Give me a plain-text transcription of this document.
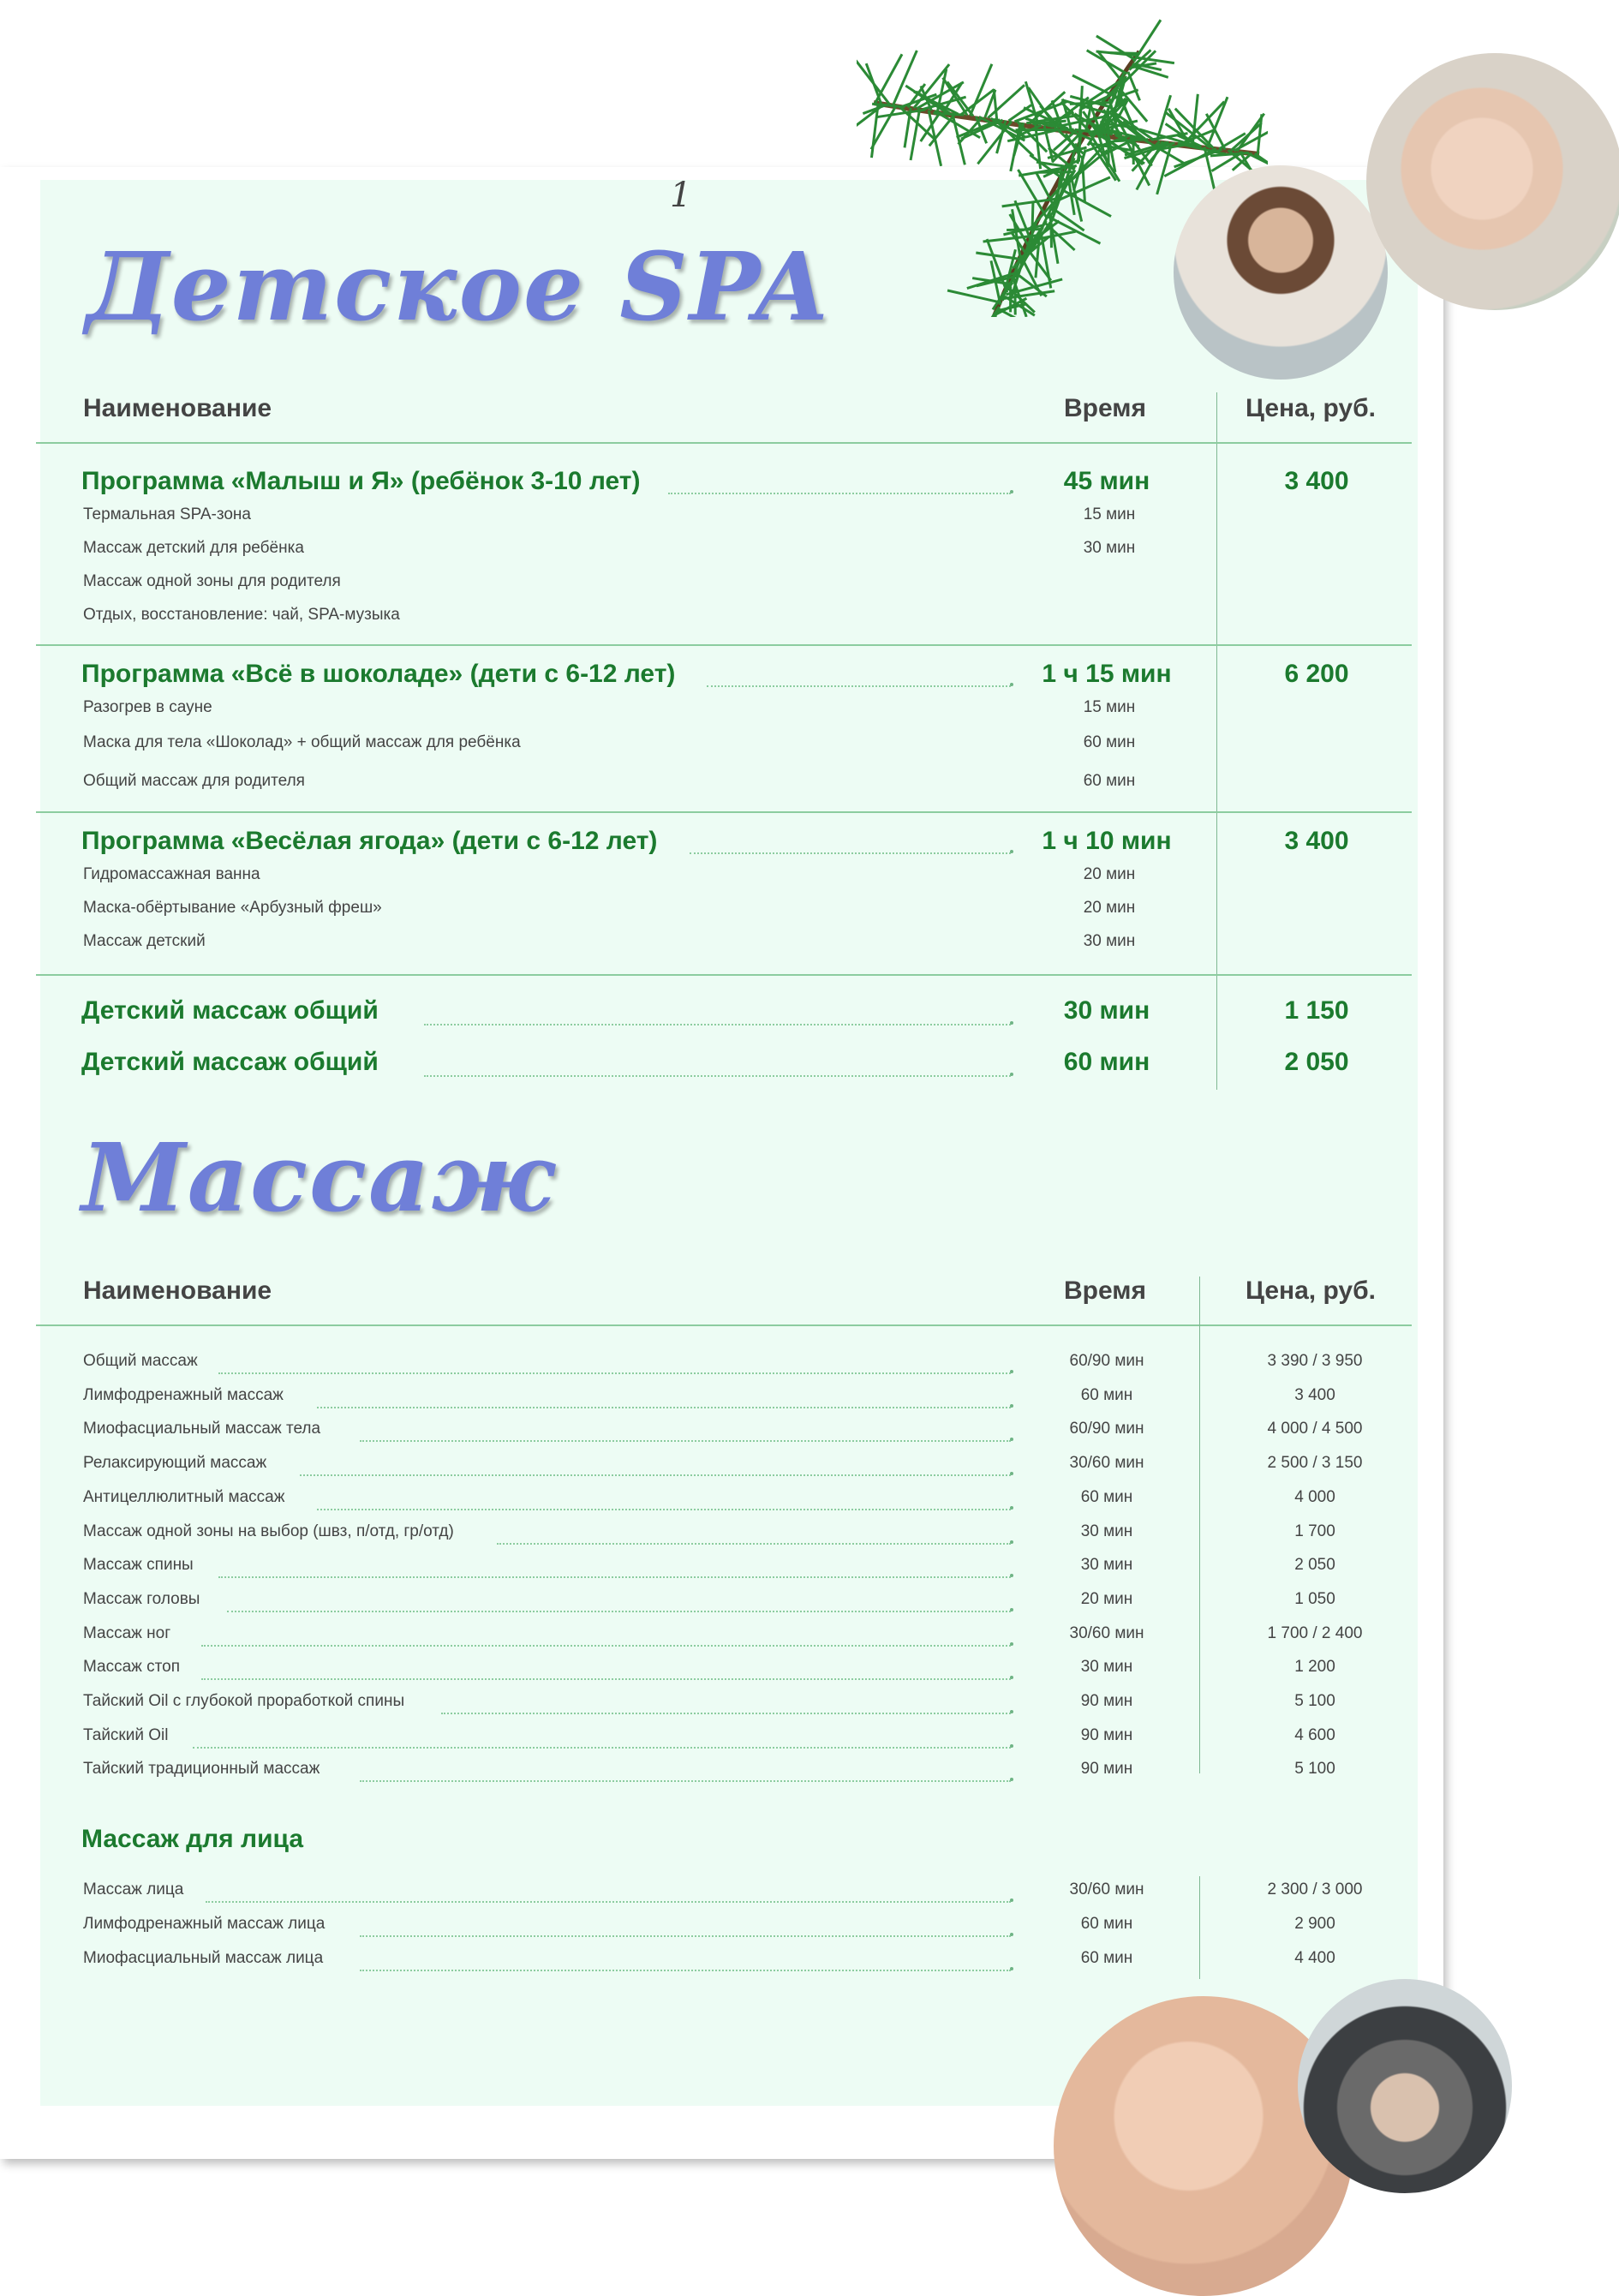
1
Детское SPA
Наименование	Время	Цена, руб.
Массаж
Наименование	Время	Цена, руб.
Массаж для лица
Программа «Малыш и Я» (ребёнок 3-10 лет)	45 мин	3 400
Термальная SPA-зона	15 мин
Массаж детский для ребёнка	30 мин
Массаж одной зоны для родителя
Отдых, восстановление: чай, SPA-музыка
Программа «Всё в шоколаде» (дети с 6-12 лет)	1 ч 15 мин	6 200
Разогрев в сауне	15 мин
Маска для тела «Шоколад» + общий массаж для ребёнка	60 мин
Общий массаж для родителя	60 мин
Программа «Весёлая ягода» (дети с 6-12 лет)	1 ч 10 мин	3 400
Гидромассажная ванна	20 мин
Маска-обёртывание «Арбузный фреш»	20 мин
Массаж детский	30 мин
Детский массаж общий	30 мин	1 150
Детский массаж общий	60 мин	2 050
Общий массаж	60/90 мин	3 390 / 3 950
Лимфодренажный массаж	60 мин	3 400
Миофасциальный массаж тела	60/90 мин	4 000 / 4 500
Релаксирующий массаж	30/60 мин	2 500 / 3 150
Антицеллюлитный массаж	60 мин	4 000
Массаж одной зоны на выбор (швз, п/отд, гр/отд)	30 мин	1 700
Массаж спины	30 мин	2 050
Массаж головы	20 мин	1 050
Массаж ног	30/60 мин	1 700 / 2 400
Массаж стоп	30 мин	1 200
Тайский Oil с глубокой проработкой спины	90 мин	5 100
Тайский Oil	90 мин	4 600
Тайский традиционный массаж	90 мин	5 100
Массаж лица	30/60 мин	2 300 / 3 000
Лимфодренажный массаж лица	60 мин	2 900
Миофасциальный массаж лица	60 мин	4 400
